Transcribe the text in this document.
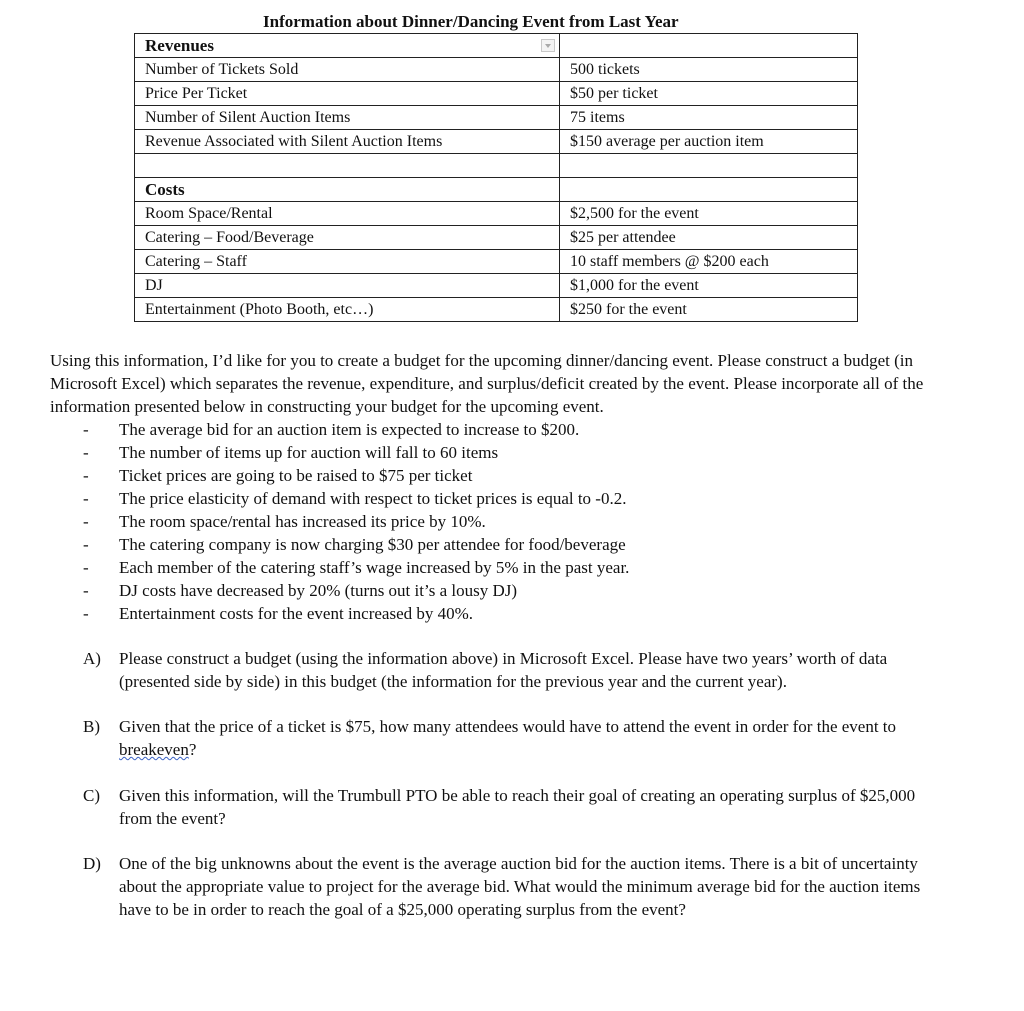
Information about Dinner/Dancing Event from Last Year
Revenues

Number of Tickets Sold	500 tickets
Price Per Ticket	$50 per ticket
Number of Silent Auction Items	75 items
Revenue Associated with Silent Auction Items	$150 average per auction item

Costs	
Room Space/Rental	$2,500 for the event
Catering – Food/Beverage	$25 per attendee
Catering – Staff	10 staff members @ $200 each
DJ	$1,000 for the event
Entertainment (Photo Booth, etc…)	$250 for the event

Using this information, I’d like for you to create a budget for the upcoming dinner/dancing event. Please construct a budget (in Microsoft Excel) which separates the revenue, expenditure, and surplus/deficit created by the event. Please incorporate all of the information presented below in constructing your budget for the upcoming event.

- The average bid for an auction item is expected to increase to $200.
- The number of items up for auction will fall to 60 items
- Ticket prices are going to be raised to $75 per ticket
- The price elasticity of demand with respect to ticket prices is equal to -0.2.
- The room space/rental has increased its price by 10%.
- The catering company is now charging $30 per attendee for food/beverage
- Each member of the catering staff’s wage increased by 5% in the past year.
- DJ costs have decreased by 20% (turns out it’s a lousy DJ)
- Entertainment costs for the event increased by 40%.
A) Please construct a budget (using the information above) in Microsoft Excel. Please have two years’ worth of data (presented side by side) in this budget (the information for the previous year and the current year).
B) Given that the price of a ticket is $75, how many attendees would have to attend the event in order for the event to breakeven?
C) Given this information, will the Trumbull PTO be able to reach their goal of creating an operating surplus of $25,000 from the event?
D) One of the big unknowns about the event is the average auction bid for the auction items. There is a bit of uncertainty about the appropriate value to project for the average bid. What would the minimum average bid for the auction items have to be in order to reach the goal of a $25,000 operating surplus from the event?
